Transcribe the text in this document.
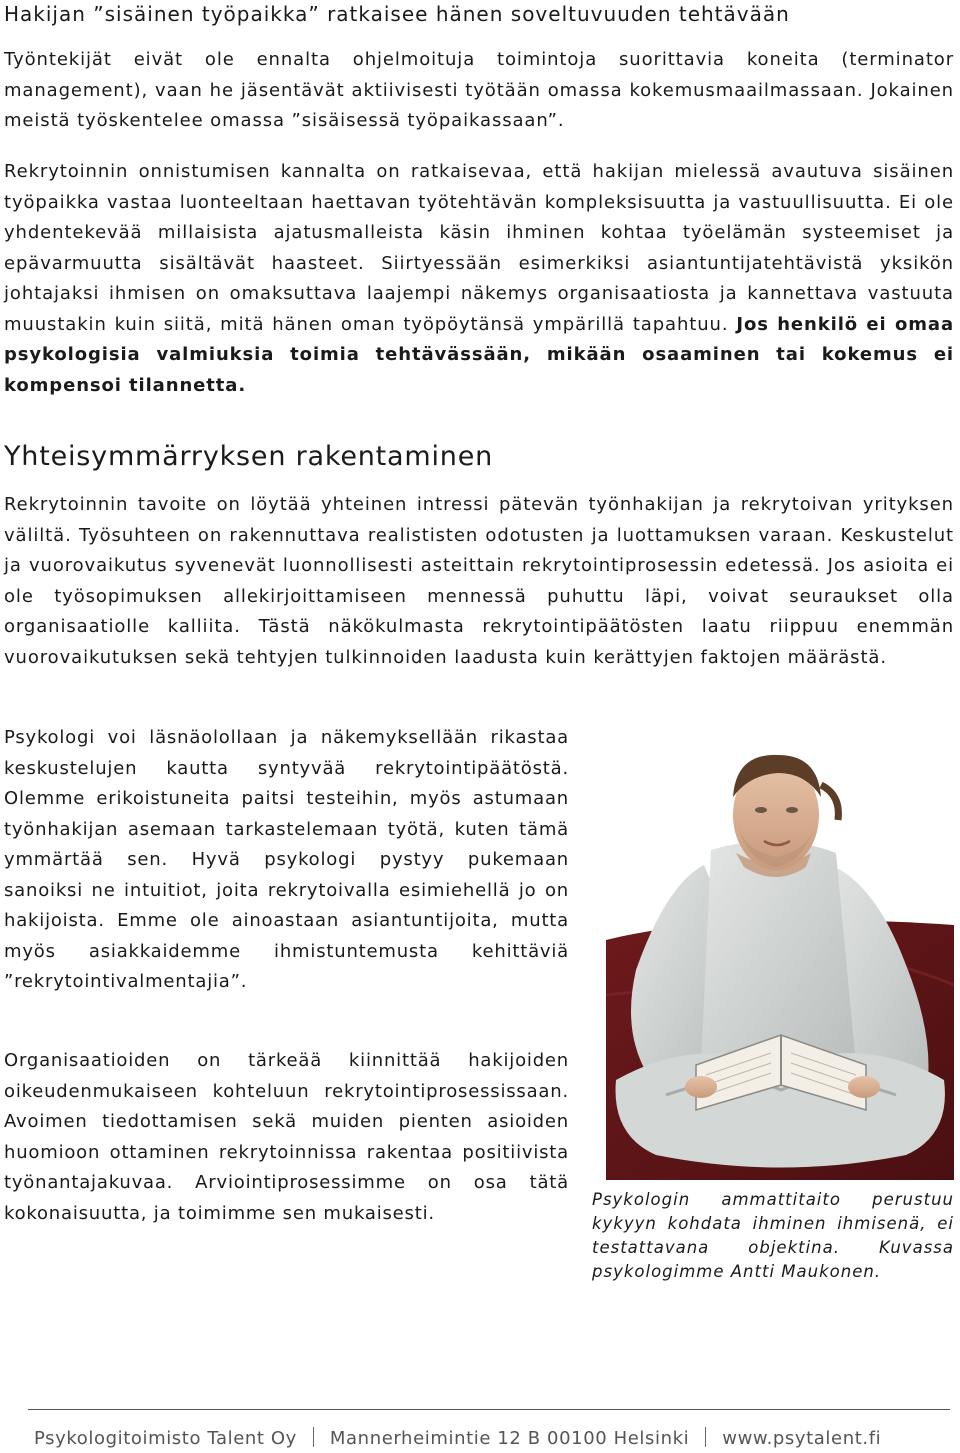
Hakijan ”sisäinen työpaikka” ratkaisee hänen soveltuvuuden tehtävään
Työntekijät eivät ole ennalta ohjelmoituja toimintoja suorittavia koneita (terminator management), vaan he jäsentävät aktiivisesti työtään omassa kokemusmaailmassaan. Jokainen meistä työskentelee omassa ”sisäisessä työpaikassaan”.
Rekrytoinnin onnistumisen kannalta on ratkaisevaa, että hakijan mielessä avautuva sisäinen työpaikka vastaa luonteeltaan haettavan työtehtävän kompleksisuutta ja vastuullisuutta. Ei ole yhdentekevää millaisista ajatusmalleista käsin ihminen kohtaa työelämän systeemiset ja epävarmuutta sisältävät haasteet. Siirtyessään esimerkiksi asiantuntijatehtävistä yksikön johtajaksi ihmisen on omaksuttava laajempi näkemys organisaatiosta ja kannettava vastuuta muustakin kuin siitä, mitä hänen oman työpöytänsä ympärillä tapahtuu. Jos henkilö ei omaa psykologisia valmiuksia toimia tehtävässään, mikään osaaminen tai kokemus ei kompensoi tilannetta.
Yhteisymmärryksen rakentaminen
Rekrytoinnin tavoite on löytää yhteinen intressi pätevän työnhakijan ja rekrytoivan yrityksen väliltä. Työsuhteen on rakennuttava realististen odotusten ja luottamuksen varaan. Keskustelut ja vuorovaikutus syvenevät luonnollisesti asteittain rekrytointiprosessin edetessä. Jos asioita ei ole työsopimuksen allekirjoittamiseen mennessä puhuttu läpi, voivat seuraukset olla organisaatiolle kalliita. Tästä näkökulmasta rekrytointipäätösten laatu riippuu enemmän vuorovaikutuksen sekä tehtyjen tulkinnoiden laadusta kuin kerättyjen faktojen määrästä.
Psykologi voi läsnäolollaan ja näkemyksellään rikastaa keskustelujen kautta syntyvää rekrytointipäätöstä. Olemme erikoistuneita paitsi testeihin, myös astumaan työnhakijan asemaan tarkastelemaan työtä, kuten tämä ymmärtää sen. Hyvä psykologi pystyy pukemaan sanoiksi ne intuitiot, joita rekrytoivalla esimiehellä jo on hakijoista. Emme ole ainoastaan asiantuntijoita, mutta myös asiakkaidemme ihmistuntemusta kehittäviä ”rekrytointivalmentajia”.
Organisaatioiden on tärkeää kiinnittää hakijoiden oikeudenmukaiseen kohteluun rekrytointiprosessissaan. Avoimen tiedottamisen sekä muiden pienten asioiden huomioon ottaminen rekrytoinnissa rakentaa positiivista työnantajakuvaa. Arviointiprosessimme on osa tätä kokonaisuutta, ja toimimme sen mukaisesti.
Psykologin ammattitaito perustuu kykyyn kohdata ihminen ihmisenä, ei testattavana objektina. Kuvassa psykologimme Antti Maukonen.
Psykologitoimisto Talent Oy Mannerheimintie 12 B 00100 Helsinki www.psytalent.fi
